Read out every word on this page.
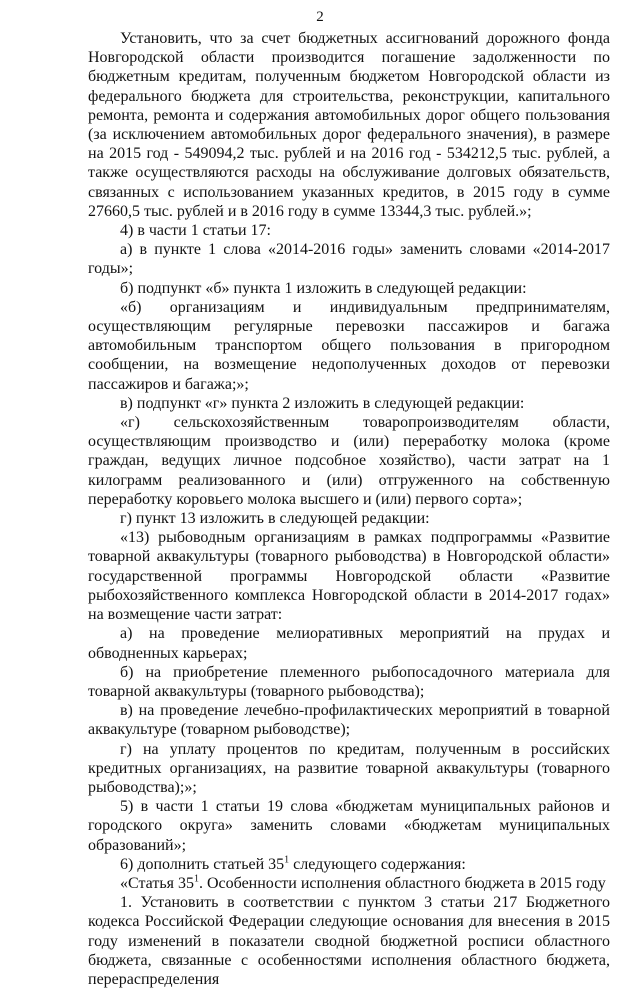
2

Установить, что за счет бюджетных ассигнований дорожного фонда Новгородской области производится погашение задолженности по бюджетным кредитам, полученным бюджетом Новгородской области из федерального бюджета для строительства, реконструкции, капитального ремонта, ремонта и содержания автомобильных дорог общего пользования (за исключением автомобильных дорог федерального значения), в размере на 2015 год - 549094,2 тыс. рублей и на 2016 год - 534212,5 тыс. рублей, а также осуществляются расходы на обслуживание долговых обязательств, связанных с использованием указанных кредитов, в 2015 году в сумме 27660,5 тыс. рублей и в 2016 году в сумме 13344,3 тыс. рублей.»;

4) в части 1 статьи 17:

а) в пункте 1 слова «2014-2016 годы» заменить словами «2014-2017 годы»;

б) подпункт «б» пункта 1 изложить в следующей редакции:

«б) организациям и индивидуальным предпринимателям, осуществляющим регулярные перевозки пассажиров и багажа автомобильным транспортом общего пользования в пригородном сообщении, на возмещение недополученных доходов от перевозки пассажиров и багажа;»;

в) подпункт «г» пункта 2 изложить в следующей редакции:

«г) сельскохозяйственным товаропроизводителям области, осуществляющим производство и (или) переработку молока (кроме граждан, ведущих личное подсобное хозяйство), части затрат на 1 килограмм реализованного и (или) отгруженного на собственную переработку коровьего молока высшего и (или) первого сорта»;

г) пункт 13 изложить в следующей редакции:

«13) рыбоводным организациям в рамках подпрограммы «Развитие товарной аквакультуры (товарного рыбоводства) в Новгородской области» государственной программы Новгородской области «Развитие рыбохозяйственного комплекса Новгородской области в 2014-2017 годах» на возмещение части затрат:

а) на проведение мелиоративных мероприятий на прудах и обводненных карьерах;

б) на приобретение племенного рыбопосадочного материала для товарной аквакультуры (товарного рыбоводства);

в) на проведение лечебно-профилактических мероприятий в товарной аквакультуре (товарном рыбоводстве);

г) на уплату процентов по кредитам, полученным в российских кредитных организациях, на развитие товарной аквакультуры (товарного рыбоводства);»;

5) в части 1 статьи 19 слова «бюджетам муниципальных районов и городского округа» заменить словами «бюджетам муниципальных образований»;

6) дополнить статьей $35^1$ следующего содержания:

«Статья $35^1$. Особенности исполнения областного бюджета в 2015 году

1. Установить в соответствии с пунктом 3 статьи 217 Бюджетного кодекса Российской Федерации следующие основания для внесения в 2015 году изменений в показатели сводной бюджетной росписи областного бюджета, связанные с особенностями исполнения областного бюджета, перераспределения
